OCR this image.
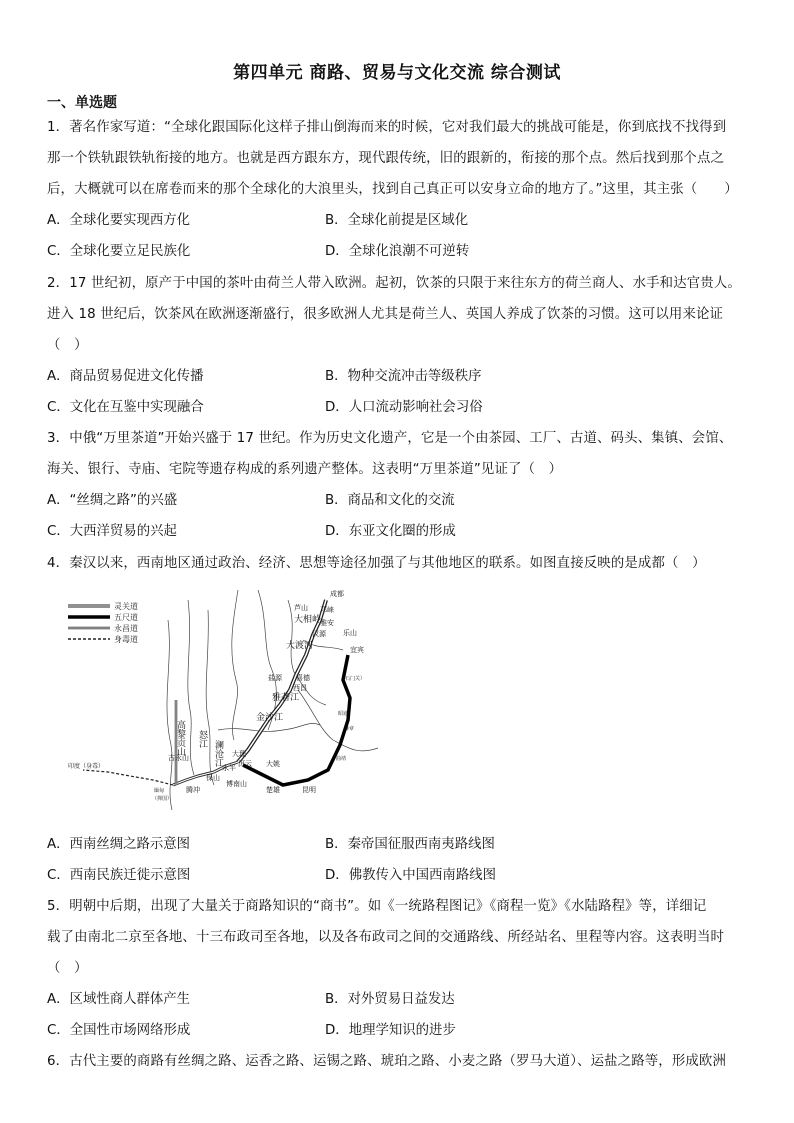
第四单元 商路、贸易与文化交流 综合测试
一、单选题
1．著名作家写道：“全球化跟国际化这样子排山倒海而来的时候，它对我们最大的挑战可能是，你到底找不找得到
那一个铁轨跟铁轨衔接的地方。也就是西方跟东方，现代跟传统，旧的跟新的，衔接的那个点。然后找到那个点之
后，大概就可以在席卷而来的那个全球化的大浪里头，找到自己真正可以安身立命的地方了。”这里，其主张（　　）
A．全球化要实现西方化	B．全球化前提是区域化
C．全球化要立足民族化	D．全球化浪潮不可逆转
2．17 世纪初，原产于中国的茶叶由荷兰人带入欧洲。起初，饮茶的只限于来往东方的荷兰商人、水手和达官贵人。
进入 18 世纪后，饮茶风在欧洲逐渐盛行，很多欧洲人尤其是荷兰人、英国人养成了饮茶的习惯。这可以用来论证
（　）
A．商品贸易促进文化传播	B．物种交流冲击等级秩序
C．文化在互鉴中实现融合	D．人口流动影响社会习俗
3．中俄“万里茶道”开始兴盛于 17 世纪。作为历史文化遗产，它是一个由茶园、工厂、古道、码头、集镇、会馆、
海关、银行、寺庙、宅院等遗存构成的系列遗产整体。这表明“万里茶道”见证了（　）
A．“丝绸之路”的兴盛	B．商品和文化的交流
C．大西洋贸易的兴起	D．东亚文化圈的形成
4．秦汉以来，西南地区通过政治、经济、思想等途径加强了与其他地区的联系。如图直接反映的是成都（　）
灵关道
五尺道
永昌道
身毒道
成都
邛崃
芦山
雅安
大相岭
汉源 乐山
大渡河	宜宾
（石门关）
喜德
西昌
盐源
雅砻江
金沙江	昭通
赫章
曲靖
昆明
楚雄
大姚
大理
永平
保山
腾冲
洱云
博南山
古永山
缅甸
（掸国）
印度（身毒）
高黎贡山 怒江
澜沧江
A．西南丝绸之路示意图	B．秦帝国征服西南夷路线图
C．西南民族迁徙示意图	D．佛教传入中国西南路线图
5．明朝中后期，出现了大量关于商路知识的“商书”。如《一统路程图记》《商程一览》《水陆路程》等，详细记
载了由南北二京至各地、十三布政司至各地，以及各布政司之间的交通路线、所经站名、里程等内容。这表明当时
（　）
A．区域性商人群体产生	B．对外贸易日益发达
C．全国性市场网络形成	D．地理学知识的进步
6．古代主要的商路有丝绸之路、运香之路、运锡之路、琥珀之路、小麦之路（罗马大道）、运盐之路等，形成欧洲
